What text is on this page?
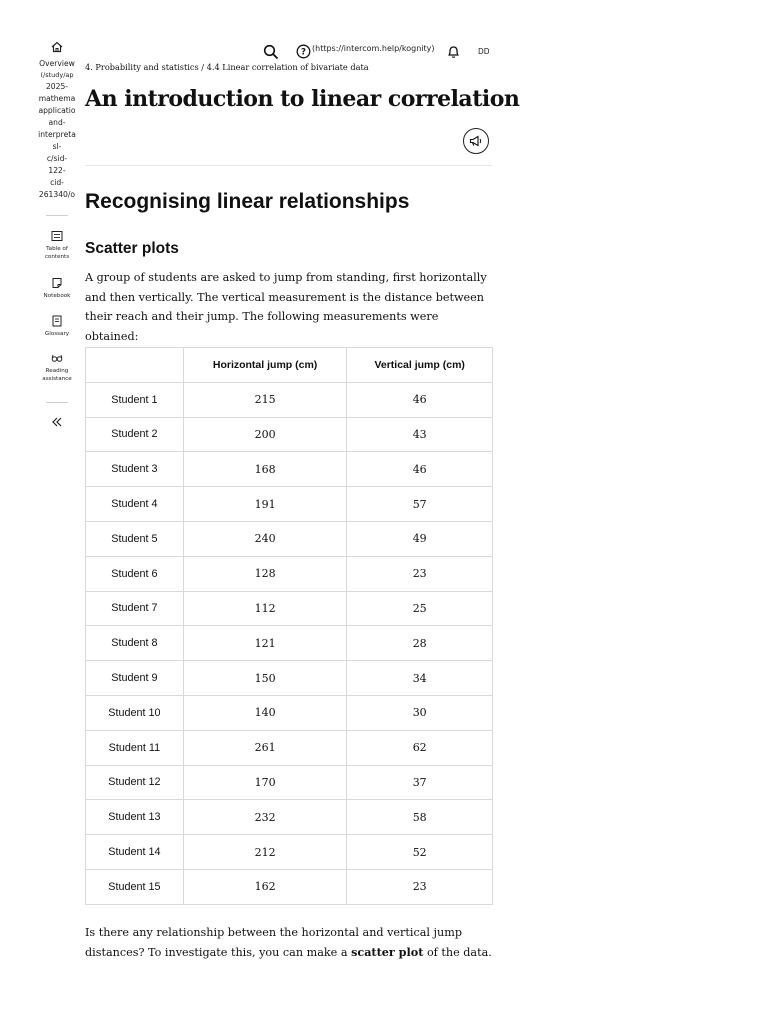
Overview
(/study/ap
2025-
mathema
applicatio
and-
interpreta
sl-
c/sid-
122-
cid-
261340/o
Table of
contents
Notebook
Glossary
Reading
assistance
? (https://intercom.help/kognity)	DD
4. Probability and statistics / 4.4 Linear correlation of bivariate data
An introduction to linear correlation
Recognising linear relationships
Scatter plots

A group of students are asked to jump from standing, first horizontally and then vertically. The vertical measurement is the distance between their reach and their jump. The following measurements were obtained:

	Horizontal jump (cm)	Vertical jump (cm)
Student 1	215	46
Student 2	200	43
Student 3	168	46
Student 4	191	57
Student 5	240	49
Student 6	128	23
Student 7	112	25
Student 8	121	28
Student 9	150	34
Student 10	140	30
Student 11	261	62
Student 12	170	37
Student 13	232	58
Student 14	212	52
Student 15	162	23

Is there any relationship between the horizontal and vertical jump distances? To investigate this, you can make a scatter plot of the data.
